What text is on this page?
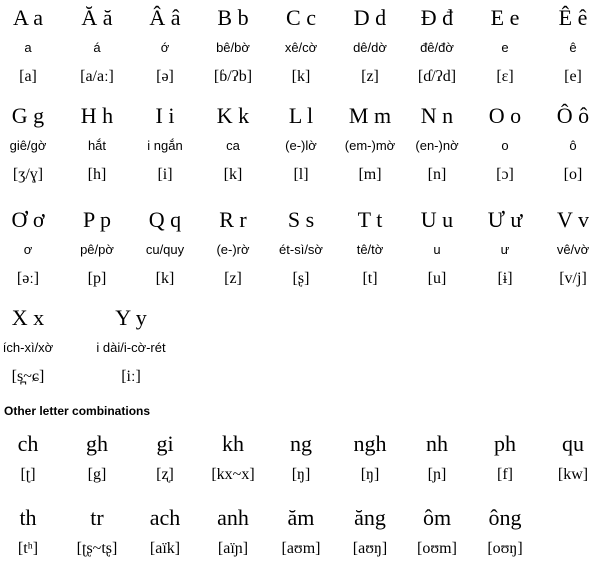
A a
a
[a]
Ă ă
á
[a/aː]
Â â
ớ
[ə]
B b
bê/bờ
[ɓ/ʔb]
C c
xê/cờ
[k]
D d
dê/dờ
[z]
Đ đ
đê/đờ
[ɗ/ʔd]
E e
e
[ɛ]
Ê ê
ê
[e]
G g
giê/gờ
[ʒ/ɣ]
H h
hắt
[h]
I i
i ngắn
[i]
K k
ca
[k]
L l
(e-)lờ
[l]
M m
(em-)mờ
[m]
N n
(en-)nờ
[n]
O o
o
[ɔ]
Ô ô
ô
[o]
Ơ ơ
ơ
[əː]
P p
pê/pờ
[p]
Q q
cu/quy
[k]
R r
(e-)rờ
[z]
S s
ét-sì/sờ
[ʂ]
T t
tê/tờ
[t]
U u
u
[u]
Ư ư
ư
[ɨ]
V v
vê/vờ
[v/j]
X x
ích-xì/xờ
[s̪~ɕ]
Y y
i dài/i-cờ-rét
[iː]
Other letter combinations
ch
[ʈ]
gh
[g]
gi
[ʐ]
kh
[kx~x]
ng
[ŋ]
ngh
[ŋ]
nh
[ɲ]
ph
[f]
qu
[kw]
th
[tʰ]
tr
[ʈʂ~tʂ]
ach
[aïk]
anh
[aïɲ]
ăm
[aʊm]
ăng
[aʊŋ]
ôm
[oʊm]
ông
[oʊŋ]
